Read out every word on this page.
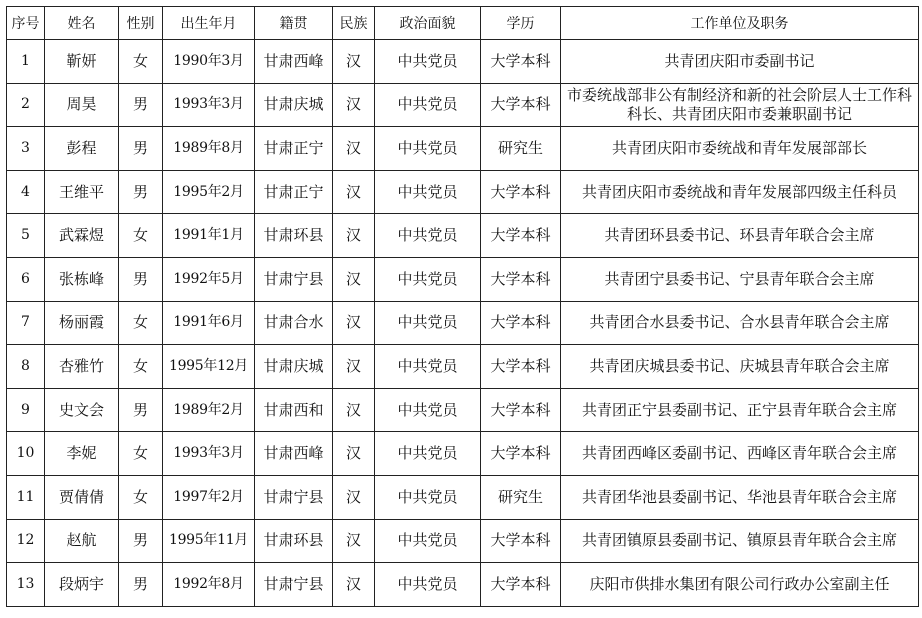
序号	姓名	性别	出生年月	籍贯	民族	政治面貌	学历	工作单位及职务
1	靳妍	女	1990年3月	甘肃西峰	汉	中共党员	大学本科	共青团庆阳市委副书记
2	周昊	男	1993年3月	甘肃庆城	汉	中共党员	大学本科	市委统战部非公有制经济和新的社会阶层人士工作科科长、共青团庆阳市委兼职副书记
3	彭程	男	1989年8月	甘肃正宁	汉	中共党员	研究生	共青团庆阳市委统战和青年发展部部长
4	王维平	男	1995年2月	甘肃正宁	汉	中共党员	大学本科	共青团庆阳市委统战和青年发展部四级主任科员
5	武霖煜	女	1991年1月	甘肃环县	汉	中共党员	大学本科	共青团环县委书记、环县青年联合会主席
6	张栋峰	男	1992年5月	甘肃宁县	汉	中共党员	大学本科	共青团宁县委书记、宁县青年联合会主席
7	杨丽霞	女	1991年6月	甘肃合水	汉	中共党员	大学本科	共青团合水县委书记、合水县青年联合会主席
8	杏雅竹	女	1995年12月	甘肃庆城	汉	中共党员	大学本科	共青团庆城县委书记、庆城县青年联合会主席
9	史文会	男	1989年2月	甘肃西和	汉	中共党员	大学本科	共青团正宁县委副书记、正宁县青年联合会主席
10	李妮	女	1993年3月	甘肃西峰	汉	中共党员	大学本科	共青团西峰区委副书记、西峰区青年联合会主席
11	贾倩倩	女	1997年2月	甘肃宁县	汉	中共党员	研究生	共青团华池县委副书记、华池县青年联合会主席
12	赵航	男	1995年11月	甘肃环县	汉	中共党员	大学本科	共青团镇原县委副书记、镇原县青年联合会主席
13	段炳宇	男	1992年8月	甘肃宁县	汉	中共党员	大学本科	庆阳市供排水集团有限公司行政办公室副主任
